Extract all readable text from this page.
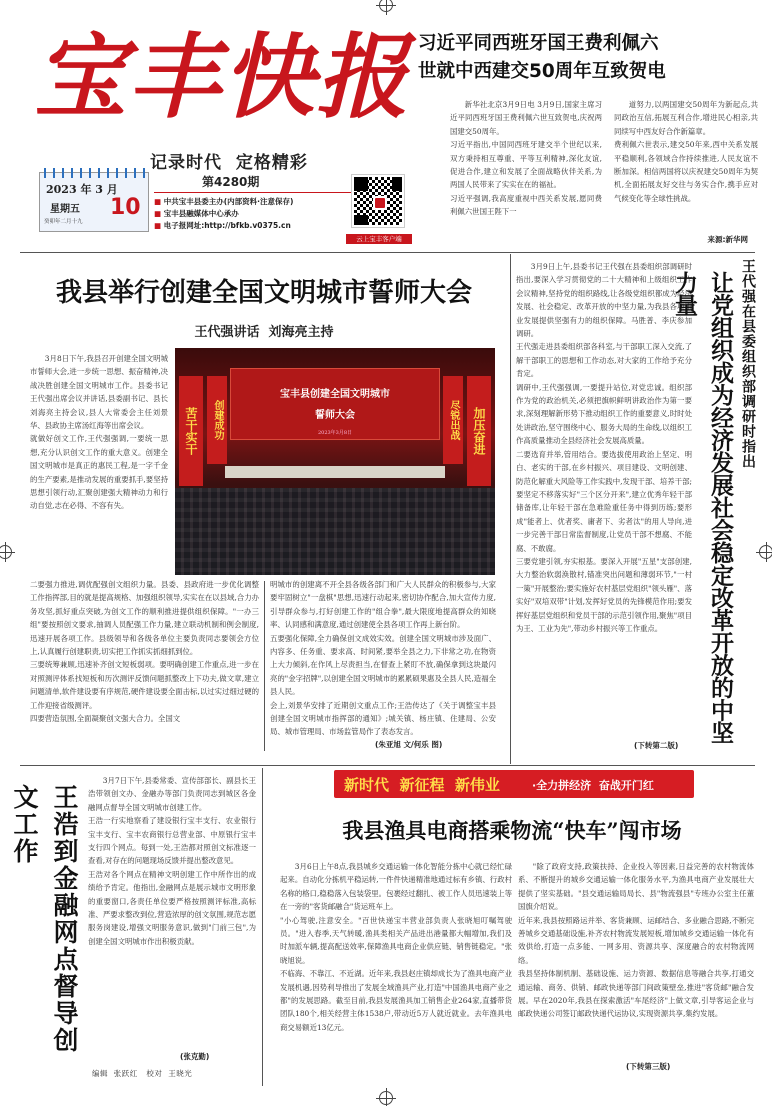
宝丰快报
记录时代  定格精彩
2023 年 3 月
星期五
癸卯年二月十九
10
第4280期
■ 中共宝丰县委主办(内部资料·注意保存)
■ 宝丰县融媒体中心承办
■ 电子报网址:http://bfkb.v0375.cn
云上宝丰客户端
习近平同西班牙国王费利佩六
世就中西建交50周年互致贺电
新华社北京3月9日电 3月9日,国家主席习近平同西班牙国王费利佩六世互致贺电,庆祝两国建交50周年。
习近平指出,中国同西班牙建交半个世纪以来,双方秉持相互尊重、平等互利精神,深化友谊,促进合作,建立和发展了全面战略伙伴关系,为两国人民带来了实实在在的福祉。
习近平强调,我高度重视中西关系发展,愿同费利佩六世国王陛下一
道努力,以两国建交50周年为新起点,共同政治互信,拓展互利合作,增进民心相亲,共同续写中西友好合作新篇章。
费利佩六世表示,建交50年来,西中关系发展平稳顺利,各领域合作持续推进,人民友谊不断加深。相信两国将以庆祝建交50周年为契机,全面拓展友好交往与务实合作,携手应对气候变化等全球性挑战。
来源:新华网
我县举行创建全国文明城市誓师大会
王代强讲话  刘海亮主持
3月8日下午,我县召开创建全国文明城市誓师大会,进一步统一思想、振奋精神,决战决胜创建全国文明城市工作。县委书记王代强出席会议并讲话,县委副书记、县长刘海亮主持会议,县人大常委会主任刘景华、县政协主席汤红海等出席会议。
就做好创文工作,王代强强调,一要统一思想,充分认识创文工作的重大意义。创建全国文明城市是真正的惠民工程,是一字千金的生产要素,是推动发展的重要抓手,要坚持思想引领行动,汇聚创建强大精神动力和行动自觉,志在必得、不容有失。
宝丰县创建全国文明城市
誓师大会
2023年3月8日
苦干实干	创建成功	尽锐出战	加压奋进
二要强力推进,调优配强创文组织力量。县委、县政府进一步优化调整工作指挥部,目的就是提高规格、加强组织领导,实实在在以县域,合力办务攻坚,抓好重点突破,为创文工作的顺利推进提供组织保障。"一办三组"要按照创文要求,抽调人员配强工作力量,建立联动机制和例会制度,迅速开展各项工作。县级领导和各级各单位主要负责同志要领会方位上,认真履行创建职责,切实把工作抓实抓细抓到位。
三要统筹兼顾,迅速补齐创文短板弱项。要明确创建工作重点,进一步在对照测评体系找短板和历次测评反馈问题抓整改上下功夫,做文章,建立问题清单,软件建设要有序规范,硬件建设要全面击标,以过实过细过硬的工作迎接省级测评。
四要营造氛围,全面凝聚创文强大合力。全国文
明城市的创建离不开全县各级各部门和广大人民群众的积极参与,大家要牢固树立"一盘棋"思想,迅速行动起来,密切协作配合,加大宣传力度,引导群众参与,打好创建工作的"组合拳",最大限度地提高群众的知晓率、认同感和满意度,通过创建使全县各项工作再上新台阶。
五要强化保障,全力确保创文成效实效。创建全国文明城市涉及面广、内容多、任务重、要求高、时间紧,要举全县之力,下非常之功,在物资上大力倾斜,在作风上尽责担当,在督查上紧盯不放,确保拿到这块最闪亮的"金字招牌",以创建全国文明城市的累累硕果惠及全县人民,造福全县人民。
会上,刘景华安排了近期创文重点工作;王浩传达了《关于调整宝丰县创建全国文明城市指挥部的通知》;城关镇、杨庄镇、住建局、公安局、城市管理局、市场监管局作了表态发言。
(朱亚旭 文/何乐 图)
3月9日上午,县委书记王代强在县委组织部调研时指出,要深入学习贯彻党的二十大精神和上级组织工作会议精神,坚持党的组织路线,让各级党组织都成为经济发展、社会稳定、改革开放的中坚力量,为我县各项事业发展提供坚强有力的组织保障。马胜普、李庆参加调研。
王代强走进县委组织部各科室,与干部职工深入交流,了解干部职工的思想和工作动态,对大家的工作给予充分肯定。
调研中,王代强强调,一要提升站位,对党忠诚。组织部作为党的政治机关,必须把旗帜鲜明讲政治作为第一要求,深刻理解新形势下推动组织工作的重要意义,时时处处讲政治,坚守围绕中心、服务大局的生命线,以组织工作高质量推动全县经济社会发展高质量。
二要选育并举,管用结合。要选拔使用政治上坚定、明白、老实的干部,在乡村振兴、项目建设、文明创建、防范化解重大风险等工作实践中,发现干部、培养干部;要坚定不移落实好"三个区分开来",建立优秀年轻干部储备库,让年轻干部在急难险重任务中得到历练;要形成"能者上、优者奖、庸者下、劣者汰"的用人导向,进一步完善干部日常监督制度,让党员干部不想腐、不能腐、不敢腐。
三要党建引领,夯实根基。要深入开展"五星"支部创建,大力整治软弱涣散村,锚准突出问题和薄弱环节,"一村一策"开展整治;要实施好农村基层党组织"领头雁"、落实好"双培双带"计划,发挥好党员的先锋模范作用;要发挥好基层党组织和党员干部的示范引领作用,聚焦"项目为王、工业为先",带动乡村振兴等工作重点。
(下转第二版)
王代强在县委组织部调研时指出
让党组织成为经济发展社会稳定改革开放的中坚力量
王浩到金融网点督导创文工作
3月7日下午,县委常委、宣传部部长、副县长王浩带领创文办、金融办等部门负责同志到城区各金融网点督导全国文明城市创建工作。
王浩一行实地察看了建设银行宝丰支行、农业银行宝丰支行、宝丰农商银行总营业部、中原银行宝丰支行四个网点。每到一处,王浩都对照创文标准逐一查看,对存在的问题现场反馈并提出整改意见。
王浩对各个网点在精神文明创建工作中所作出的成绩给予肯定。他指出,金融网点是展示城市文明形象的重要窗口,各责任单位要严格按照测评标准,高标准、严要求整改到位,营造浓厚的创文氛围,规范志愿服务岗建设,增强文明服务意识,做到"门前三包",为创建全国文明城市作出积极贡献。
(张克勤)
编辑  张跃红   校对  王晓光
新时代  新征程  新伟业	·全力拼经济  奋战开门红
我县渔具电商搭乘物流“快车”闯市场
3月6日上午8点,我县城乡交通运输一体化智能分拣中心就已经忙碌起来。自动化分拣机平稳运转,一件件快递精准地通过标有乡镇、行政村名称的格口,稳稳落入包装袋里。包裹经过翻扎、被工作人员迅速装上等在一旁的"客货邮融合"货运班车上。
"小心驾驶,注意安全。"百世快递宝丰营业部负责人张晓旭叮嘱驾驶员。"进入春季,天气转暖,渔具类相关产品进出港量都大幅增加,我们及时加派车辆,提高配送效率,保障渔具电商企业供应链、销售链稳定。"张晓旭说。
不临海、不靠江、不近湖。近年来,我县赵庄镇却成长为了渔具电商产业发展机遇,因势利导推出了发展全域渔具产业,打造"中国渔具电商产业之都"的发展思路。截至目前,我县发展渔具加工销售企业264家,直播带货团队180个,相关经营主体1538户,带动近5万人就近就业。去年渔具电商交易额近13亿元。
"除了政府支持,政策扶持、企业投入等因素,日益完善的农村物流体系、不断提升的城乡交通运输一体化服务水平,为渔具电商产业发展壮大提供了坚实基础。"县交通运输局局长、县"物流强县"专班办公室主任董国旗介绍说。
近年来,我县按照路运并举、客货兼顾、运邮结合、多业融合思路,不断完善城乡交通基础设施,补齐农村物流发展短板,增加城乡交通运输一体化有效供给,打造一点多能、一网多用、资源共享、深度融合的农村物流网络。
我县坚持体制机制、基础设施、运力资源、数据信息等融合共享,打通交通运输、商务、供销、邮政快递等部门间政策壁垒,推进"客货邮"融合发展。早在2020年,我县在探索激活"车尾经济"上做文章,引导客运企业与邮政快递公司签订邮政快递代运协议,实现资源共享,集约发展。
(下转第三版)
